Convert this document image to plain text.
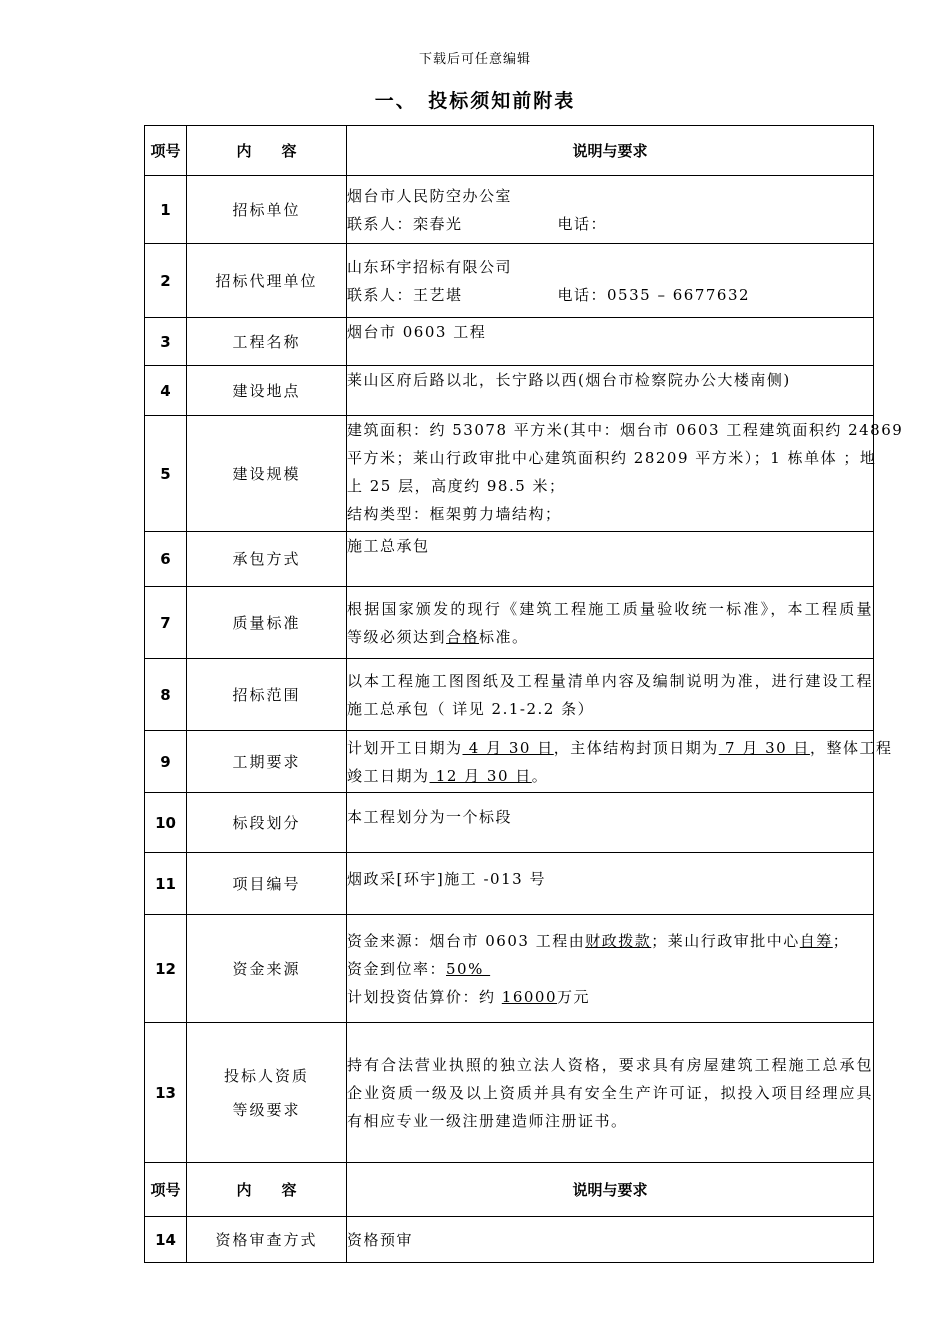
下载后可任意编辑
一、　投标须知前附表
项号	内　　容	说明与要求
1	招标单位	烟台市人民防空办公室
联系人：栾春光 电话：

2	招标代理单位	山东环宇招标有限公司
联系人：王艺堪 电话：0535 – 6677632

3	工程名称	烟台市 0603 工程

4	建设地点	莱山区府后路以北，长宁路以西(烟台市检察院办公大楼南侧)

5	建设规模	建筑面积：约 53078 平方米(其中：烟台市 0603 工程建筑面积约 24869
平方米；莱山行政审批中心建筑面积约 28209 平方米）；1 栋单体 ；地
上 25 层，高度约 98.5 米；
结构类型：框架剪力墙结构；

6	承包方式	施工总承包

7	质量标准	根据国家颁发的现行《建筑工程施工质量验收统一标准》，本工程质量
等级必须达到合格标准。

8	招标范围	以本工程施工图图纸及工程量清单内容及编制说明为准，进行建设工程
施工总承包（ 详见 2.1-2.2 条）

9	工期要求	计划开工日期为 4 月 30 日，主体结构封顶日期为 7 月 30 日，整体工程
竣工日期为 12 月 30 日。

10	标段划分	本工程划分为一个标段

11	项目编号	烟政采[环宇]施工 -013 号

12	资金来源	资金来源：烟台市 0603 工程由财政拨款；莱山行政审批中心自筹；
资金到位率：50%
计划投资估算价：约 16000万元

13	投标人资质
等级要求	持有合法营业执照的独立法人资格，要求具有房屋建筑工程施工总承包
企业资质一级及以上资质并具有安全生产许可证，拟投入项目经理应具
有相应专业一级注册建造师注册证书。

项号	内　　容	说明与要求
14	资格审查方式	资格预审
